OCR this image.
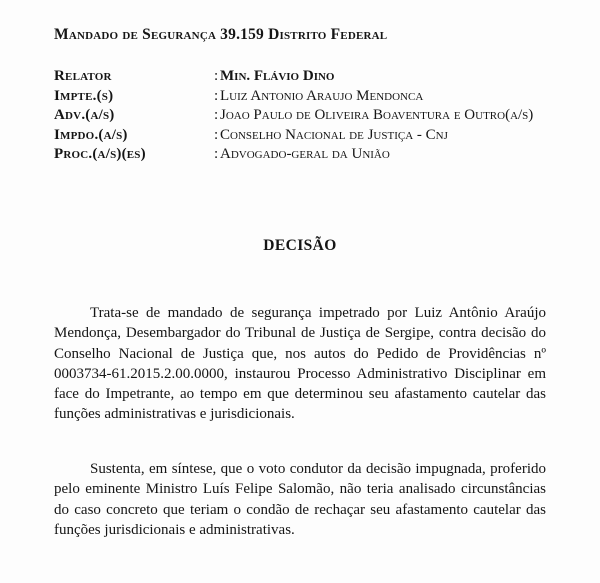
Mandado de Segurança 39.159 Distrito Federal
Relator	: Min. Flávio Dino
Impte.(s)	: Luiz Antonio Araujo Mendonca
Adv.(a/s)	: Joao Paulo de Oliveira Boaventura e Outro(a/s)
Impdo.(a/s)	: Conselho Nacional de Justiça - Cnj
Proc.(a/s)(es)	: Advogado-geral da União
DECISÃO

Trata-se de mandado de segurança impetrado por Luiz Antônio Araújo Mendonça, Desembargador do Tribunal de Justiça de Sergipe, contra decisão do Conselho Nacional de Justiça que, nos autos do Pedido de Providências nº 0003734-61.2015.2.00.0000, instaurou Processo Administrativo Disciplinar em face do Impetrante, ao tempo em que determinou seu afastamento cautelar das funções administrativas e jurisdicionais.

Sustenta, em síntese, que o voto condutor da decisão impugnada, proferido pelo eminente Ministro Luís Felipe Salomão, não teria analisado circunstâncias do caso concreto que teriam o condão de rechaçar seu afastamento cautelar das funções jurisdicionais e administrativas.
